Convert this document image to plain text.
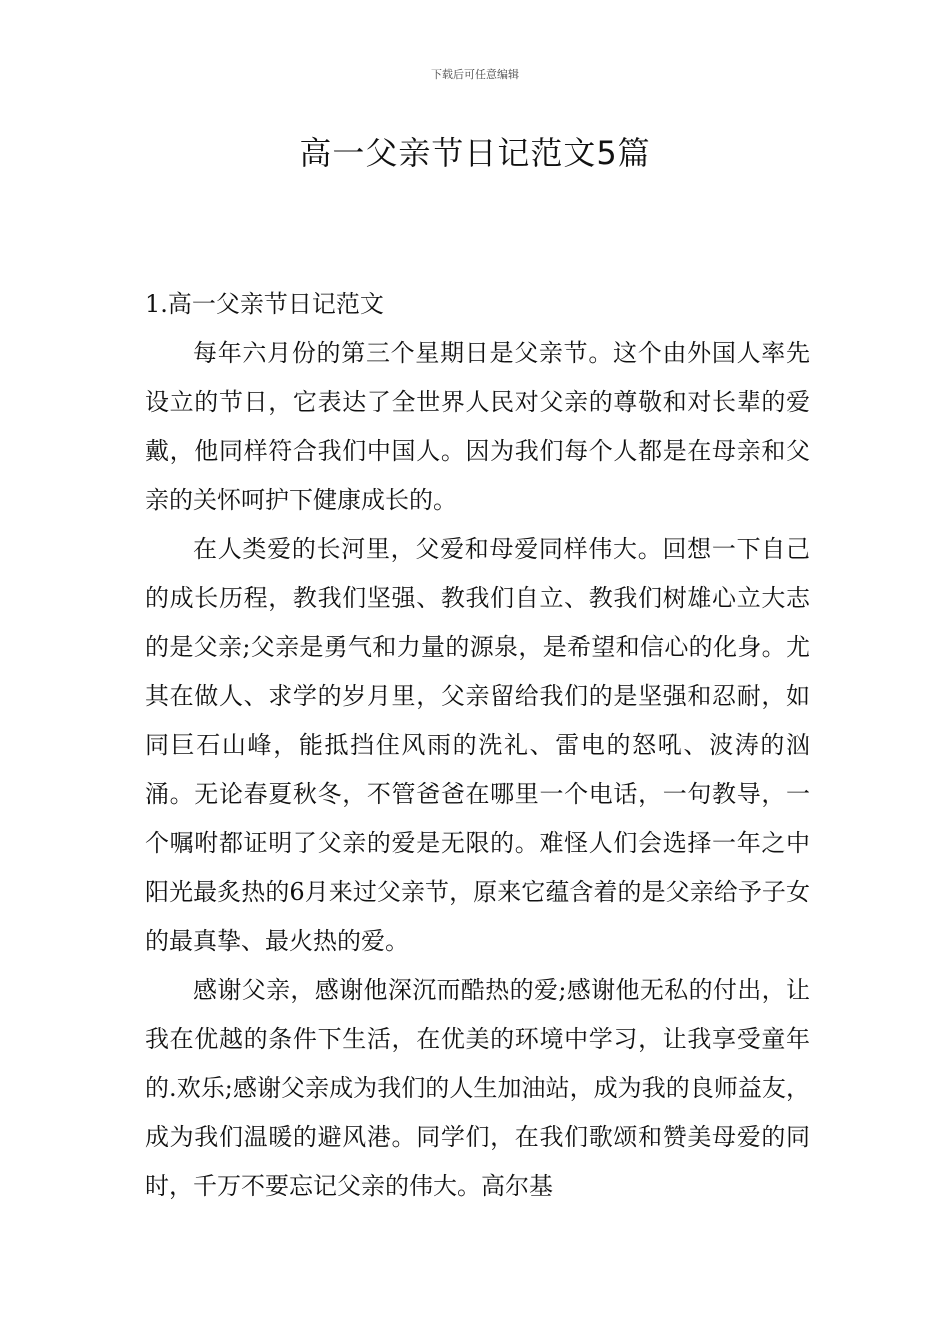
下载后可任意编辑
高一父亲节日记范文5篇
1.高一父亲节日记范文

每年六月份的第三个星期日是父亲节。这个由外国人率先设立的节日，它表达了全世界人民对父亲的尊敬和对长辈的爱戴，他同样符合我们中国人。因为我们每个人都是在母亲和父亲的关怀呵护下健康成长的。

在人类爱的长河里，父爱和母爱同样伟大。回想一下自己的成长历程，教我们坚强、教我们自立、教我们树雄心立大志的是父亲;父亲是勇气和力量的源泉，是希望和信心的化身。尤其在做人、求学的岁月里，父亲留给我们的是坚强和忍耐，如同巨石山峰，能抵挡住风雨的洗礼、雷电的怒吼、波涛的汹涌。无论春夏秋冬，不管爸爸在哪里一个电话，一句教导，一个嘱咐都证明了父亲的爱是无限的。难怪人们会选择一年之中阳光最炙热的6月来过父亲节，原来它蕴含着的是父亲给予子女的最真挚、最火热的爱。

感谢父亲，感谢他深沉而酷热的爱;感谢他无私的付出，让我在优越的条件下生活，在优美的环境中学习，让我享受童年的.欢乐;感谢父亲成为我们的人生加油站，成为我的良师益友，成为我们温暖的避风港。同学们，在我们歌颂和赞美母爱的同时，千万不要忘记父亲的伟大。高尔基
